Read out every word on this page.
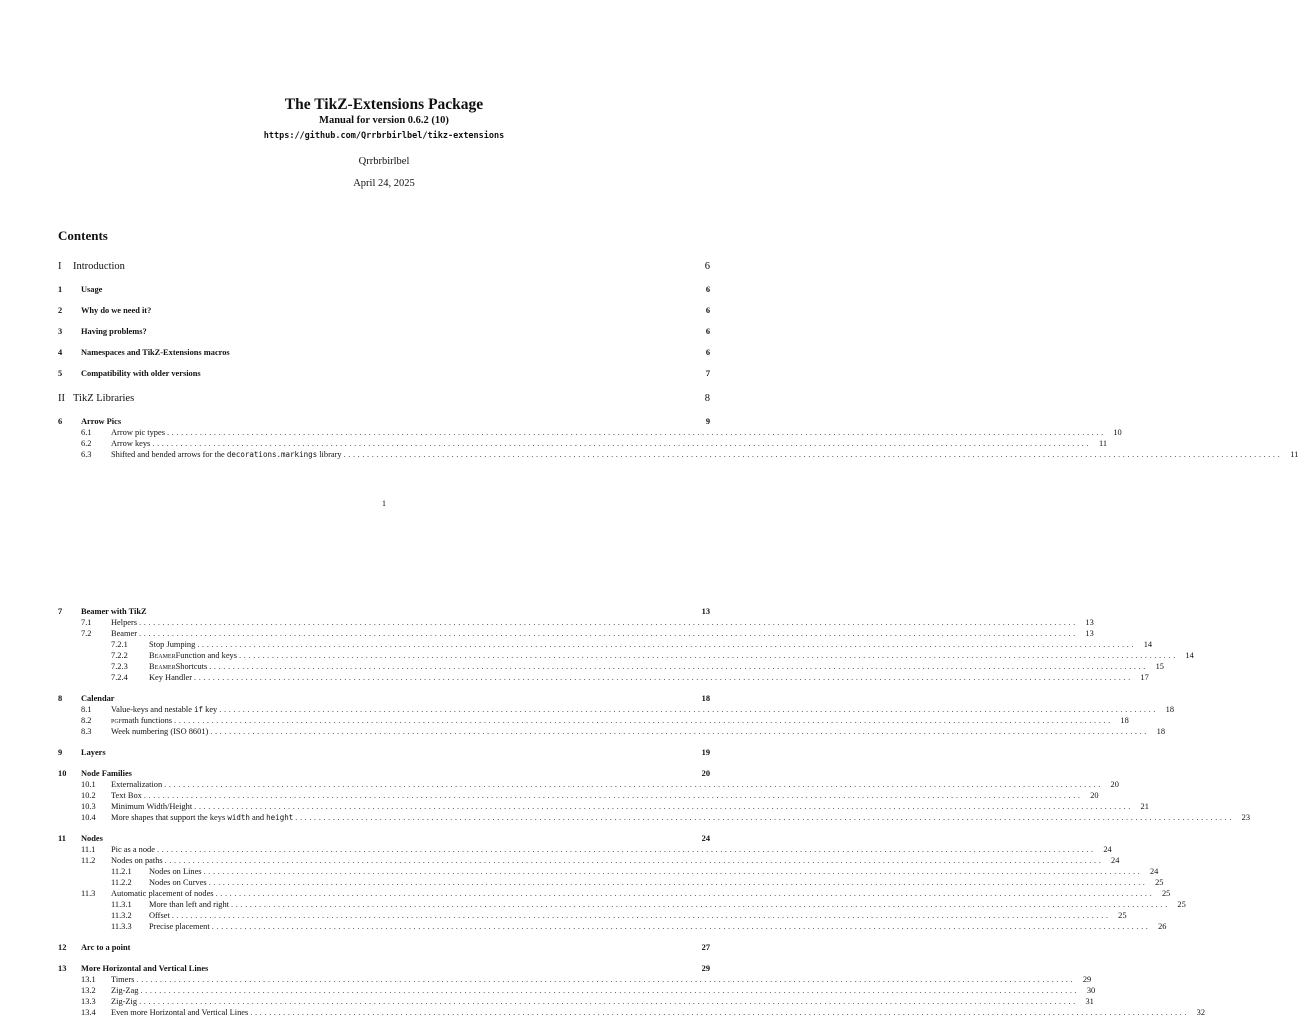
The TikZ-Extensions Package
Manual for version 0.6.2 (10)
https://github.com/Qrrbrbirlbel/tikz-extensions
Qrrbrbirlbel
April 24, 2025
Contents
I	Introduction	6
1	Usage	6
2	Why do we need it?	6
3	Having problems?	6
4	Namespaces and TikZ-Extensions macros	6
5	Compatibility with older versions	7
II TikZ Libraries	8
6	Arrow Pics	9
6.1	Arrow pic types ........................................................................................................................................................................................................ 10
6.2	Arrow keys ........................................................................................................................................................................................................ 11
6.3	Shifted and bended arrows for the decorations.markings library ........................................................................................................................................................................................................ 11
1
7	Beamer with TikZ	13
7.1	Helpers ........................................................................................................................................................................................................ 13
7.2	Beamer ........................................................................................................................................................................................................ 13
7.2.1	Stop Jumping ........................................................................................................................................................................................................ 14
7.2.2	BeamerFunction and keys ........................................................................................................................................................................................................ 14
7.2.3	BeamerShortcuts ........................................................................................................................................................................................................ 15
7.2.4	Key Handler ........................................................................................................................................................................................................ 17
8	Calendar	18
8.1	Value-keys and nestable if key ........................................................................................................................................................................................................ 18
8.2	pgfmath functions ........................................................................................................................................................................................................ 18
8.3	Week numbering (ISO 8601) ........................................................................................................................................................................................................ 18
9	Layers	19
10	Node Families	20
10.1	Externalization ........................................................................................................................................................................................................ 20
10.2	Text Box ........................................................................................................................................................................................................ 20
10.3	Minimum Width/Height ........................................................................................................................................................................................................ 21
10.4	More shapes that support the keys width and height ........................................................................................................................................................................................................ 23
11	Nodes	24
11.1	Pic as a node ........................................................................................................................................................................................................ 24
11.2	Nodes on paths ........................................................................................................................................................................................................ 24
11.2.1	Nodes on Lines ........................................................................................................................................................................................................ 24
11.2.2	Nodes on Curves ........................................................................................................................................................................................................ 25
11.3	Automatic placement of nodes ........................................................................................................................................................................................................ 25
11.3.1	More than left and right ........................................................................................................................................................................................................ 25
11.3.2	Offset ........................................................................................................................................................................................................ 25
11.3.3	Precise placement ........................................................................................................................................................................................................ 26
12	Arc to a point	27
13	More Horizontal and Vertical Lines	29
13.1	Timers ........................................................................................................................................................................................................ 29
13.2	Zig-Zag ........................................................................................................................................................................................................ 30
13.3	Zig-Zig ........................................................................................................................................................................................................ 31
13.4	Even more Horizontal and Vertical Lines ........................................................................................................................................................................................................ 32
